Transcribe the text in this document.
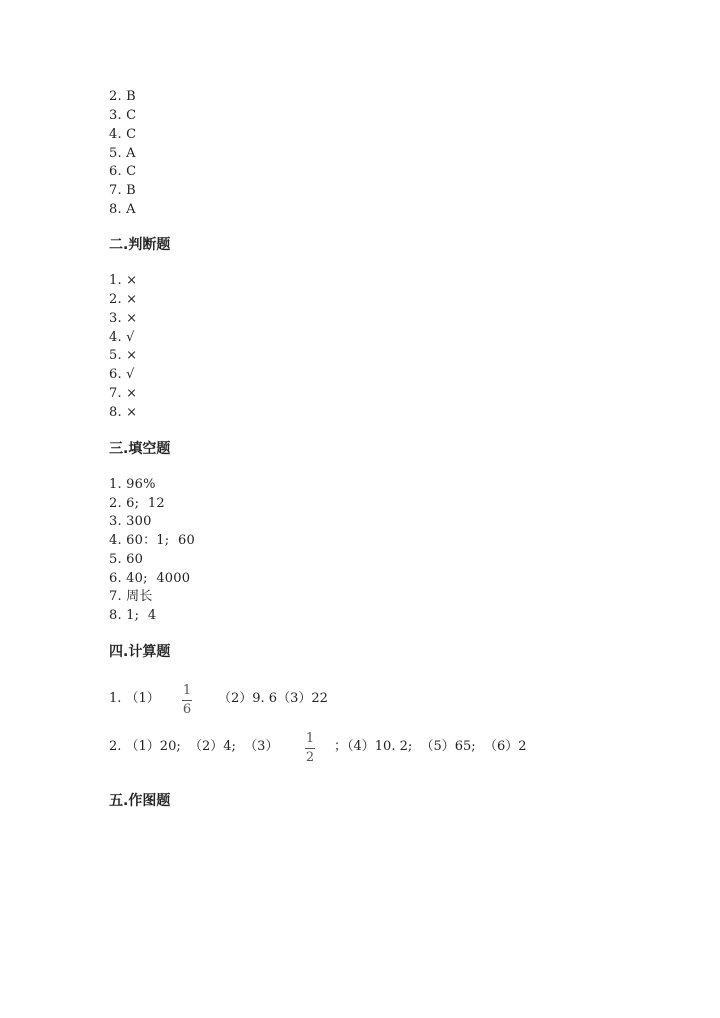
2. B
3. C
4. C
5. A
6. C
7. B
8. A
二.判断题
1. ×
2. ×
3. ×
4. √
5. ×
6. √
7. ×
8. ×
三.填空题
1. 96%
2. 6;  12
3. 300
4. 60：1;  60
5. 60
6. 40;  4000
7. 周长
8. 1;  4
四.计算题
1. （1）
1
6
（2）9. 6（3）22
2. （1）20;  （2）4;  （3）
1
2
；（4）10. 2;  （5）65;  （6）2
五.作图题
